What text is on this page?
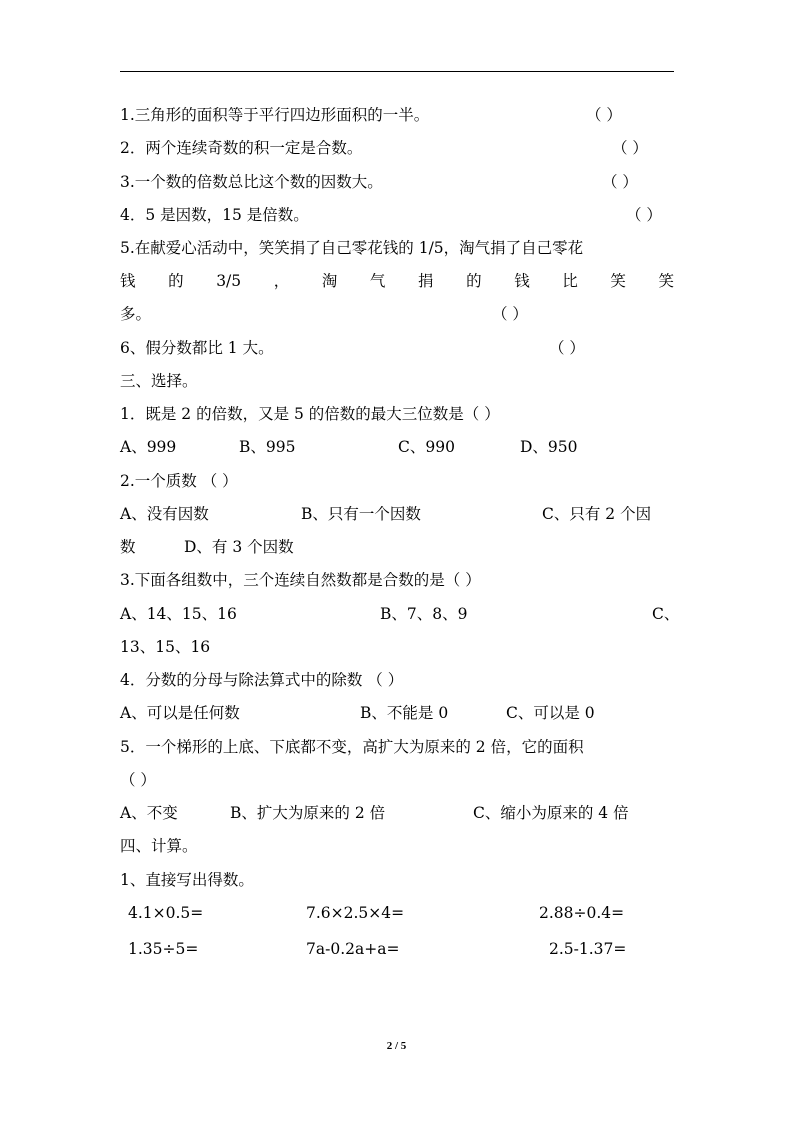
1.三角形的面积等于平行四边形面积的一半。	（ ）
2．两个连续奇数的积一定是合数。	（ ）
3.一个数的倍数总比这个数的因数大。	（ ）
4．5 是因数，15 是倍数。	（ ）
5.在献爱心活动中，笑笑捐了自己零花钱的 1/5，淘气捐了自己零花
钱 的 3/5 ， 淘 气 捐 的 钱 比 笑 笑
多。	（ ）
6、假分数都比 1 大。	（ ）
三、选择。
1．既是 2 的倍数，又是 5 的倍数的最大三位数是（ ）
A、999	B、995	C、990	D、950
2.一个质数 （ ）
A、没有因数	B、只有一个因数	C、只有 2 个因
数	D、有 3 个因数
3.下面各组数中，三个连续自然数都是合数的是（ ）
A、14、15、16	B、7、8、9	C、
13、15、16
4．分数的分母与除法算式中的除数 （ ）
A、可以是任何数	B、不能是 0	C、可以是 0
5．一个梯形的上底、下底都不变，高扩大为原来的 2 倍，它的面积
（ ）
A、不变	B、扩大为原来的 2 倍	C、缩小为原来的 4 倍
四、计算。
1、直接写出得数。
4.1×0.5=	7.6×2.5×4=	2.88÷0.4=
1.35÷5=	7a-0.2a+a=	2.5-1.37=
2 / 5
